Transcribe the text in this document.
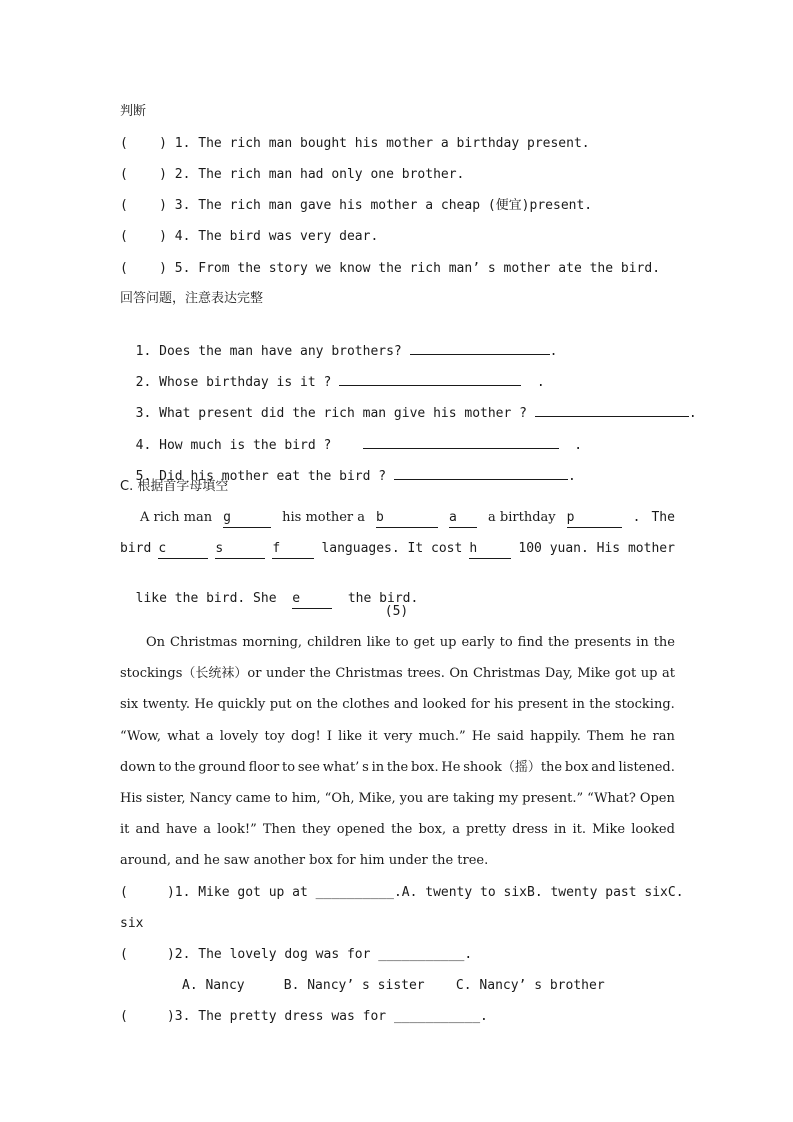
判断
(    ) 1. The rich man bought his mother a birthday present.
(    ) 2. The rich man had only one brother.
(    ) 3. The rich man gave his mother a cheap (便宜)present.
(    ) 4. The bird was very dear.
(    ) 5. From the story we know the rich man’ s mother ate the bird.
回答问题，注意表达完整

1. Does the man have any brothers?	.

2. Whose birthday is it ?	.

3. What present did the rich man give his mother ?	.

4. How much is the bird ?	.

5. Did his mother eat the bird ?	.

C. 根据首字母填空
A rich man g	his mother a b	a	a birthday p	. The
bird c	s	f	languages. It cost h	100 yuan. His mother

like the bird. She e	the bird.

(5)
On Christmas morning, children like to get up early to find the presents in the
stockings（长统袜）or under the Christmas trees. On Christmas Day, Mike got up at
six twenty. He quickly put on the clothes and looked for his present in the stocking.
“Wow, what a lovely toy dog! I like it very much.” He said happily. Them he ran
down to the ground floor to see what’ s in the box. He shook（摇）the box and listened.
His sister, Nancy came to him, “Oh, Mike, you are taking my present.” “What? Open
it and have a look!” Then they opened the box, a pretty dress in it. Mike looked
around, and he saw another box for him under the tree.
(     )1. Mike got up at __________. A. twenty to six B. twenty past six C.
six
(     )2. The lovely dog was for ___________.
A. Nancy     B. Nancy’ s sister    C. Nancy’ s brother
(     )3. The pretty dress was for ___________.
